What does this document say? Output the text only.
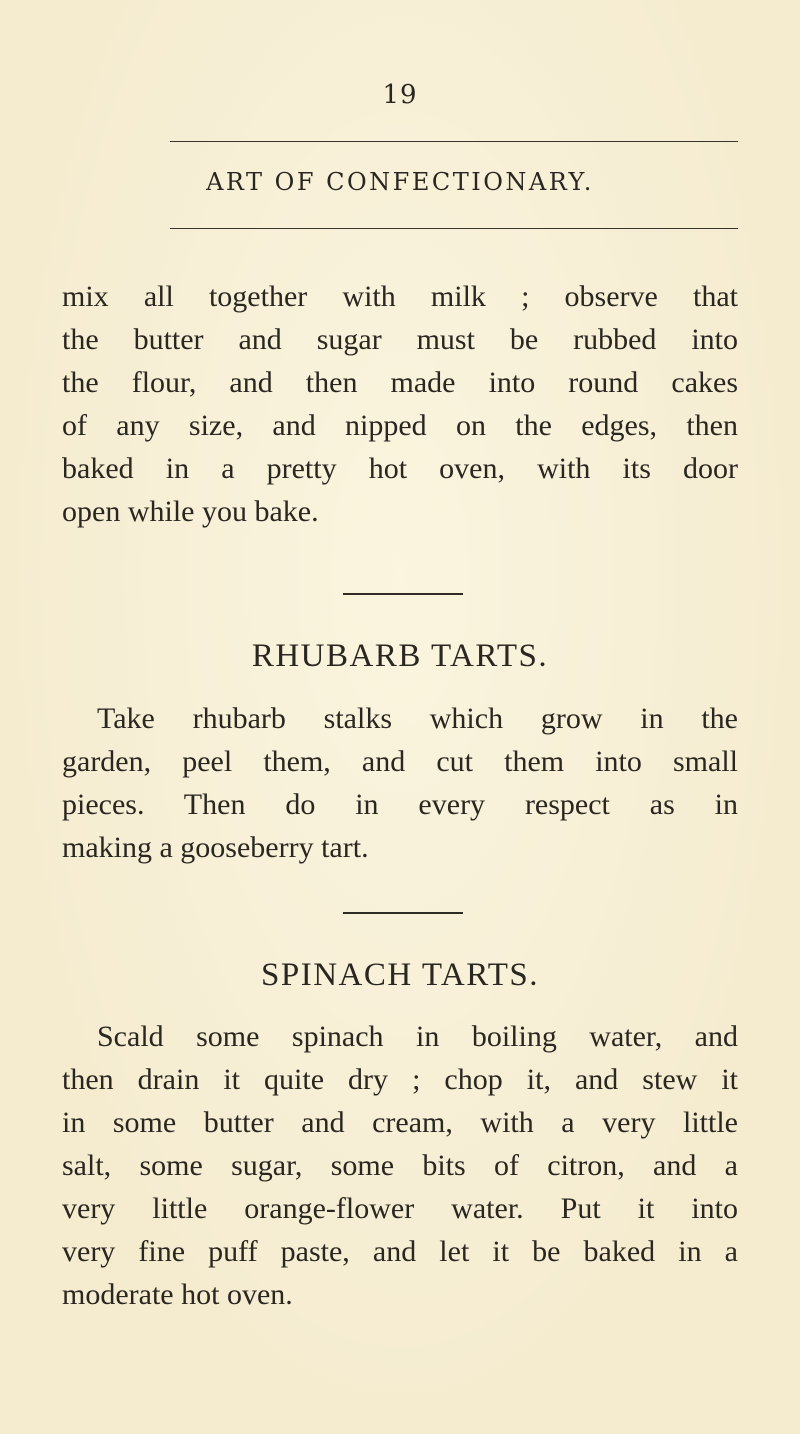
19
ART OF CONFECTIONARY.
mix all together with milk ; observe that
the butter and sugar must be rubbed into
the flour, and then made into round cakes
of any size, and nipped on the edges, then
baked in a pretty hot oven, with its door
open while you bake.
RHUBARB TARTS.
Take rhubarb stalks which grow in the
garden, peel them, and cut them into small
pieces. Then do in every respect as in
making a gooseberry tart.
SPINACH TARTS.
Scald some spinach in boiling water, and
then drain it quite dry ; chop it, and stew it
in some butter and cream, with a very little
salt, some sugar, some bits of citron, and a
very little orange-flower water. Put it into
very fine puff paste, and let it be baked in a
moderate hot oven.
